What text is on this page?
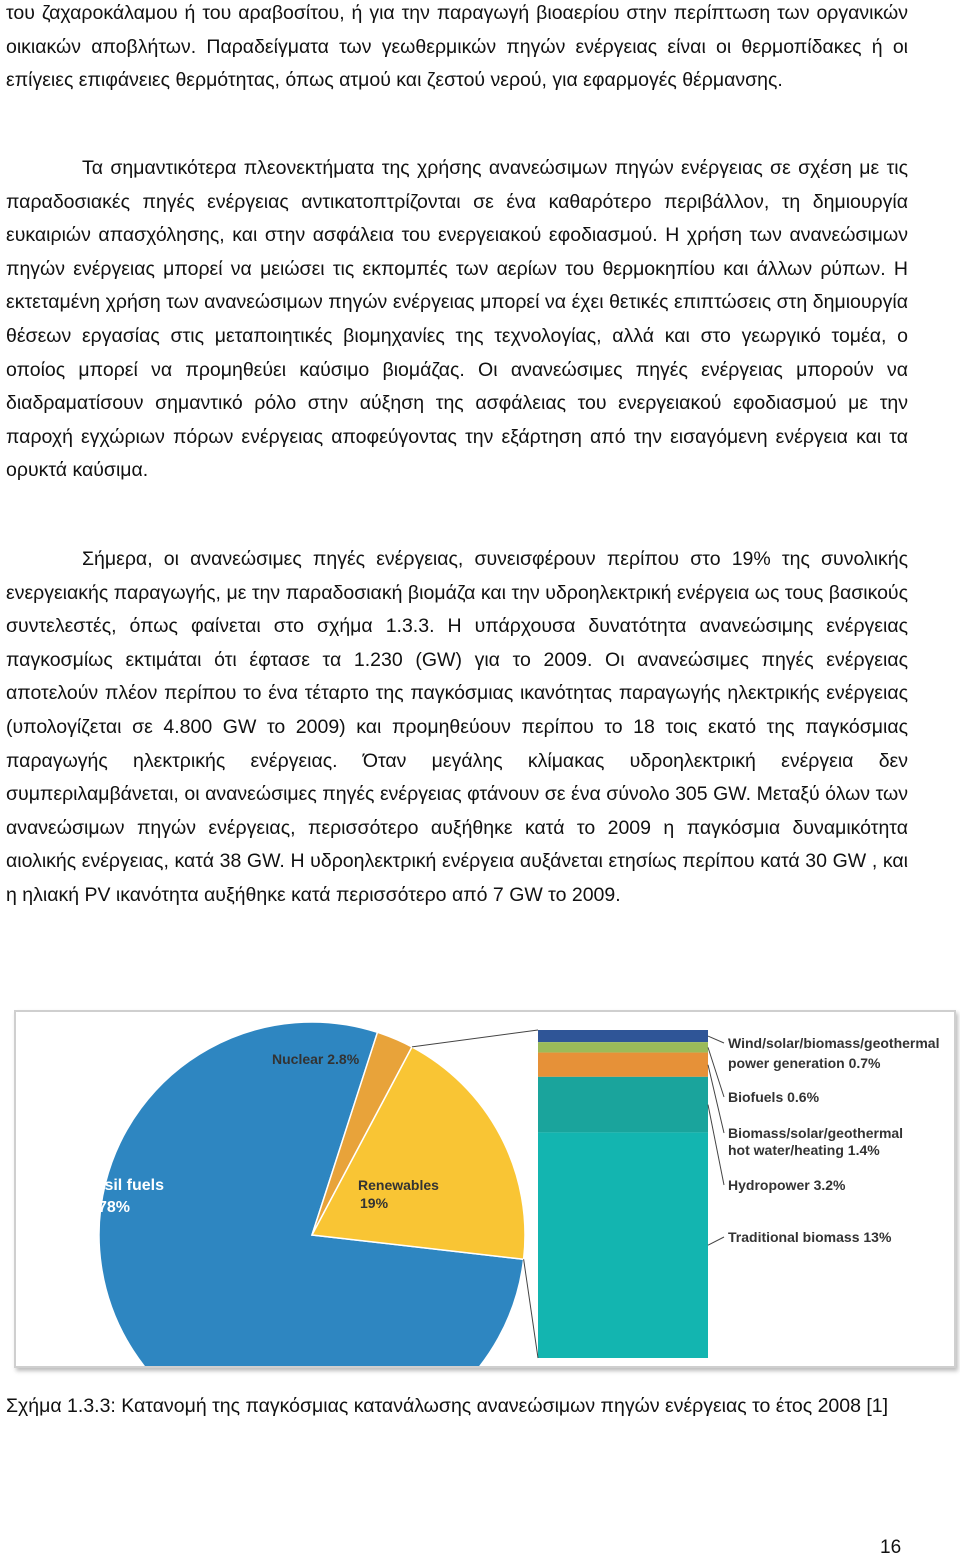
του ζαχαροκάλαμου ή του αραβοσίτου, ή για την παραγωγή βιοαερίου στην περίπτωση των οργανικών οικιακών αποβλήτων. Παραδείγματα των γεωθερμικών πηγών ενέργειας είναι οι θερμοπίδακες ή οι επίγειες επιφάνειες θερμότητας, όπως ατμού και ζεστού νερού, για εφαρμογές θέρμανσης.

Τα σημαντικότερα πλεονεκτήματα της χρήσης ανανεώσιμων πηγών ενέργειας σε σχέση με τις παραδοσιακές πηγές ενέργειας αντικατοπτρίζονται σε ένα καθαρότερο περιβάλλον, τη δημιουργία ευκαιριών απασχόλησης, και στην ασφάλεια του ενεργειακού εφοδιασμού. Η χρήση των ανανεώσιμων πηγών ενέργειας μπορεί να μειώσει τις εκπομπές των αερίων του θερμοκηπίου και άλλων ρύπων. Η εκτεταμένη χρήση των ανανεώσιμων πηγών ενέργειας μπορεί να έχει θετικές επιπτώσεις στη δημιουργία θέσεων εργασίας στις μεταποιητικές βιομηχανίες της τεχνολογίας, αλλά και στο γεωργικό τομέα, ο οποίος μπορεί να προμηθεύει καύσιμο βιομάζας. Οι ανανεώσιμες πηγές ενέργειας μπορούν να διαδραματίσουν σημαντικό ρόλο στην αύξηση της ασφάλειας του ενεργειακού εφοδιασμού με την παροχή εγχώριων πόρων ενέργειας αποφεύγοντας την εξάρτηση από την εισαγόμενη ενέργεια και τα ορυκτά καύσιμα.

Σήμερα, οι ανανεώσιμες πηγές ενέργειας, συνεισφέρουν περίπου στο 19% της συνολικής ενεργειακής παραγωγής, με την παραδοσιακή βιομάζα και την υδροηλεκτρική ενέργεια ως τους βασικούς συντελεστές, όπως φαίνεται στο σχήμα 1.3.3. Η υπάρχουσα δυνατότητα ανανεώσιμης ενέργειας παγκοσμίως εκτιμάται ότι έφτασε τα 1.230 (GW) για το 2009. Οι ανανεώσιμες πηγές ενέργειας αποτελούν πλέον περίπου το ένα τέταρτο της παγκόσμιας ικανότητας παραγωγής ηλεκτρικής ενέργειας (υπολογίζεται σε 4.800 GW το 2009) και προμηθεύουν περίπου το 18 τοις εκατό της παγκόσμιας παραγωγής ηλεκτρικής ενέργειας. Όταν μεγάλης κλίμακας υδροηλεκτρική ενέργεια δεν συμπεριλαμβάνεται, οι ανανεώσιμες πηγές ενέργειας φτάνουν σε ένα σύνολο 305 GW. Μεταξύ όλων των ανανεώσιμων πηγών ενέργειας, περισσότερο αυξήθηκε κατά το 2009 η παγκόσμια δυναμικότητα αιολικής ενέργειας, κατά 38 GW. Η υδροηλεκτρική ενέργεια αυξάνεται ετησίως περίπου κατά 30 GW , και η ηλιακή PV ικανότητα αυξήθηκε κατά περισσότερο από 7 GW το 2009.

Fossil fuels
78%
Nuclear 2.8%
Renewables
19%
Wind/solar/biomass/geothermal
power generation 0.7%
Biofuels 0.6%
Biomass/solar/geothermal
hot water/heating 1.4%
Hydropower 3.2%
Traditional biomass 13%

Σχήμα 1.3.3: Κατανομή της παγκόσμιας κατανάλωσης ανανεώσιμων πηγών ενέργειας το έτος 2008 [1]

16
